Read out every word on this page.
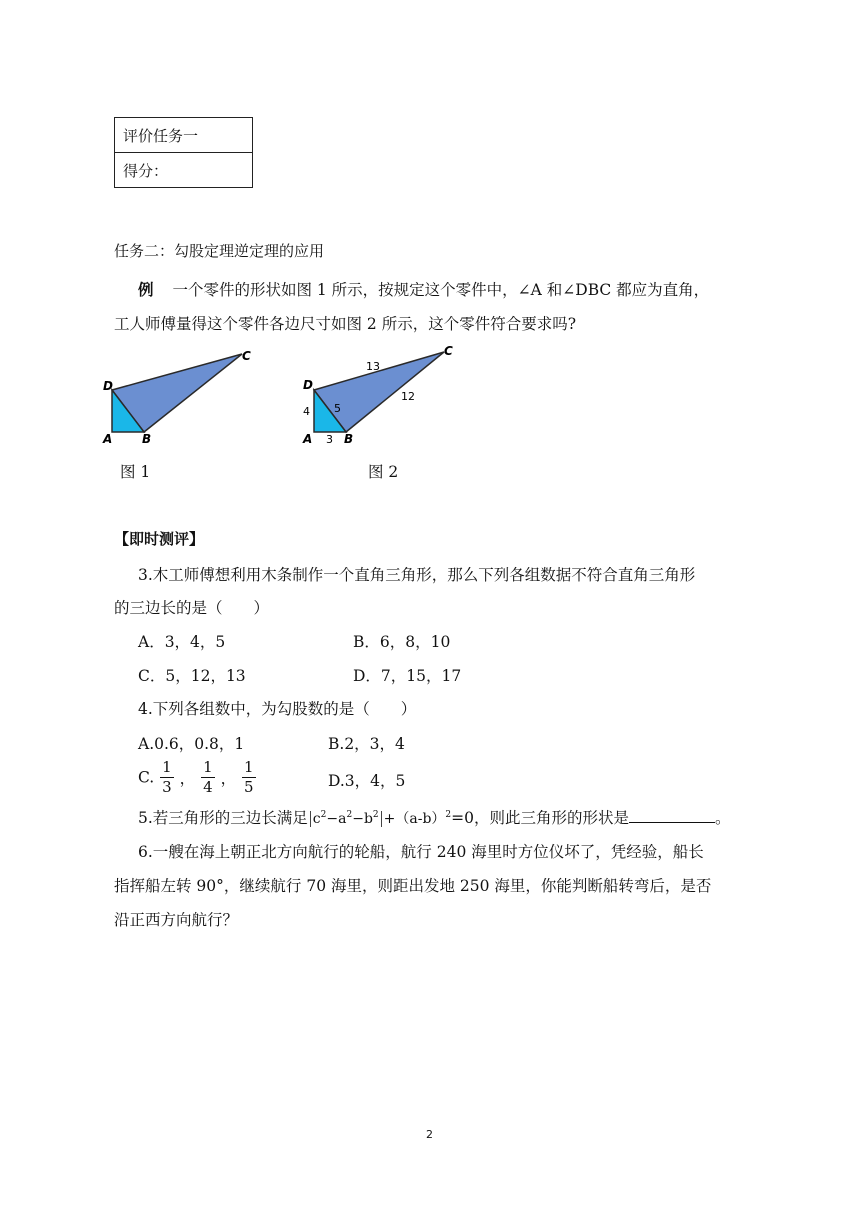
评价任务一
得分：
任务二：勾股定理逆定理的应用
例 一个零件的形状如图 1 所示，按规定这个零件中，∠A 和∠DBC 都应为直角，
工人师傅量得这个零件各边尺寸如图 2 所示，这个零件符合要求吗?
D
C
A B
图 1
D
C
A	B
13
12
5
4
3
图 2
【即时测评】
3.木工师傅想利用木条制作一个直角三角形，那么下列各组数据不符合直角三角形
的三边长的是（　　）
A．3，4，5	B．6，8，10
C．5，12，13	D．7，15，17
4.下列各组数中，为勾股数的是（　　）
A.0.6，0.8，1	B.2，3，4
C. $\frac{1}{3}$ ， $\frac{1}{4}$ ， $\frac{1}{5}$	D.3，4，5
5.若三角形的三边长满足 $c^2-a^2-b^2 +(a-b)^2=0$，则此三角形的形状是	。
6.一艘在海上朝正北方向航行的轮船，航行 240 海里时方位仪坏了，凭经验，船长
指挥船左转 90°，继续航行 70 海里，则距出发地 250 海里，你能判断船转弯后，是否
沿正西方向航行？
2
